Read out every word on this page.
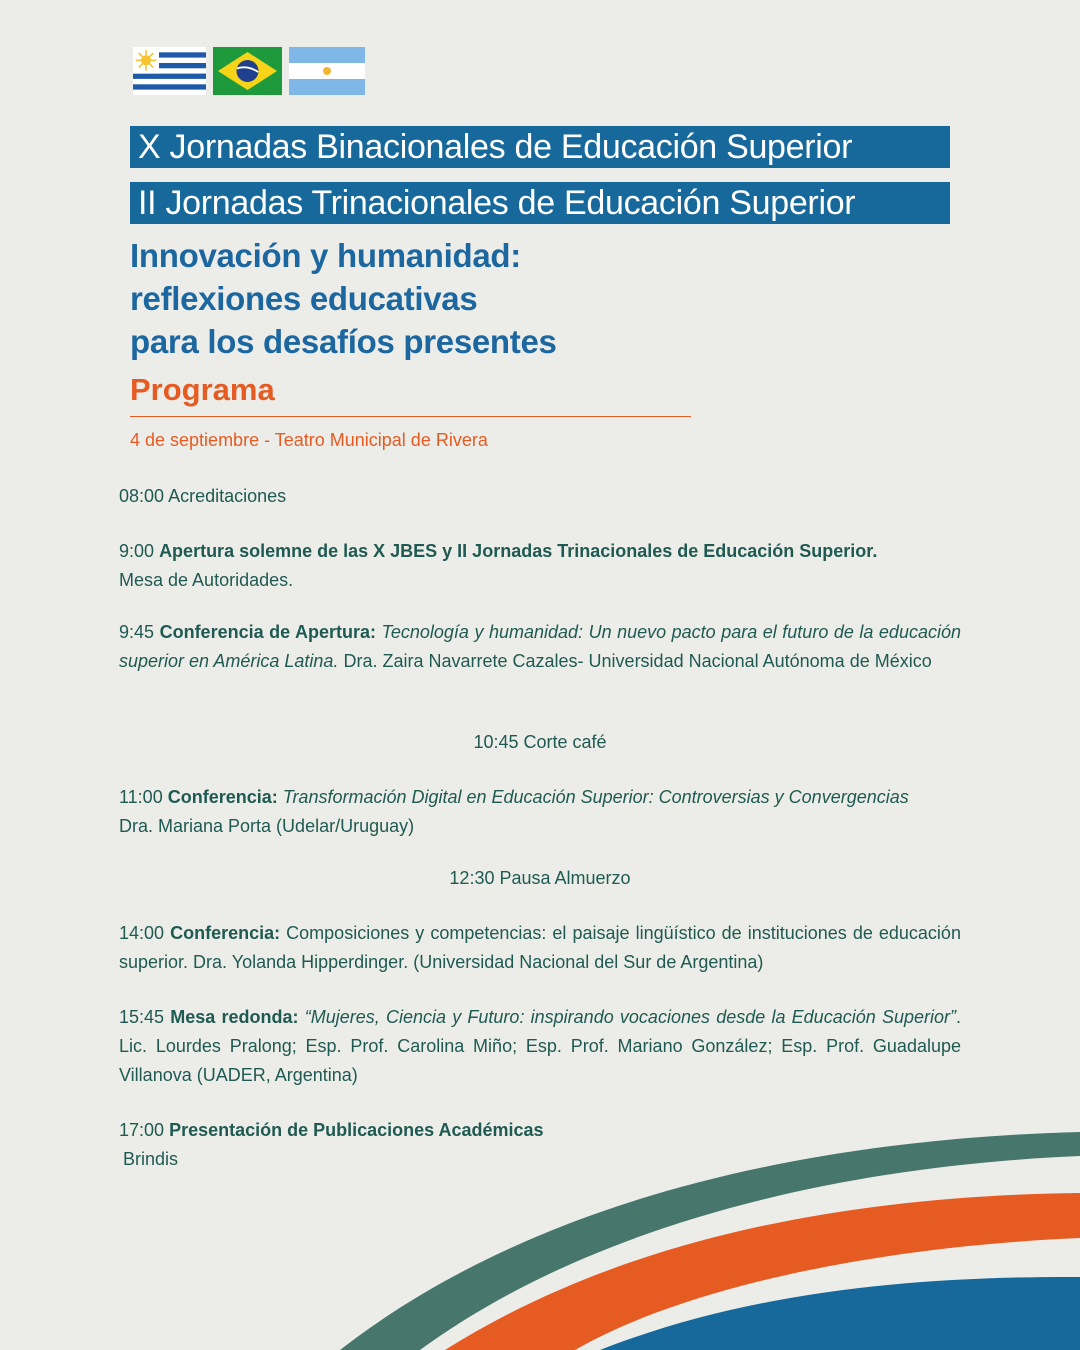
X Jornadas Binacionales de Educación Superior
II Jornadas Trinacionales de Educación Superior
Innovación y humanidad:
reflexiones educativas
para los desafíos presentes
Programa
4 de septiembre - Teatro Municipal de Rivera
08:00 Acreditaciones
9:00 Apertura solemne de las X JBES y II Jornadas Trinacionales de Educación Superior.
Mesa de Autoridades.
9:45 Conferencia de Apertura: Tecnología y humanidad: Un nuevo pacto para el futuro de la educación superior en América Latina. Dra. Zaira Navarrete Cazales- Universidad Nacional Autónoma de México
10:45 Corte café
11:00 Conferencia: Transformación Digital en Educación Superior: Controversias y Convergencias
Dra. Mariana Porta (Udelar/Uruguay)
12:30 Pausa Almuerzo
14:00 Conferencia: Composiciones y competencias: el paisaje lingüístico de instituciones de educación superior. Dra. Yolanda Hipperdinger. (Universidad Nacional del Sur de Argentina)
15:45 Mesa redonda: “Mujeres, Ciencia y Futuro: inspirando vocaciones desde la Educación Superior”. Lic. Lourdes Pralong; Esp. Prof. Carolina Miño; Esp. Prof. Mariano González; Esp. Prof. Guadalupe Villanova (UADER, Argentina)
17:00 Presentación de Publicaciones Académicas
Brindis
